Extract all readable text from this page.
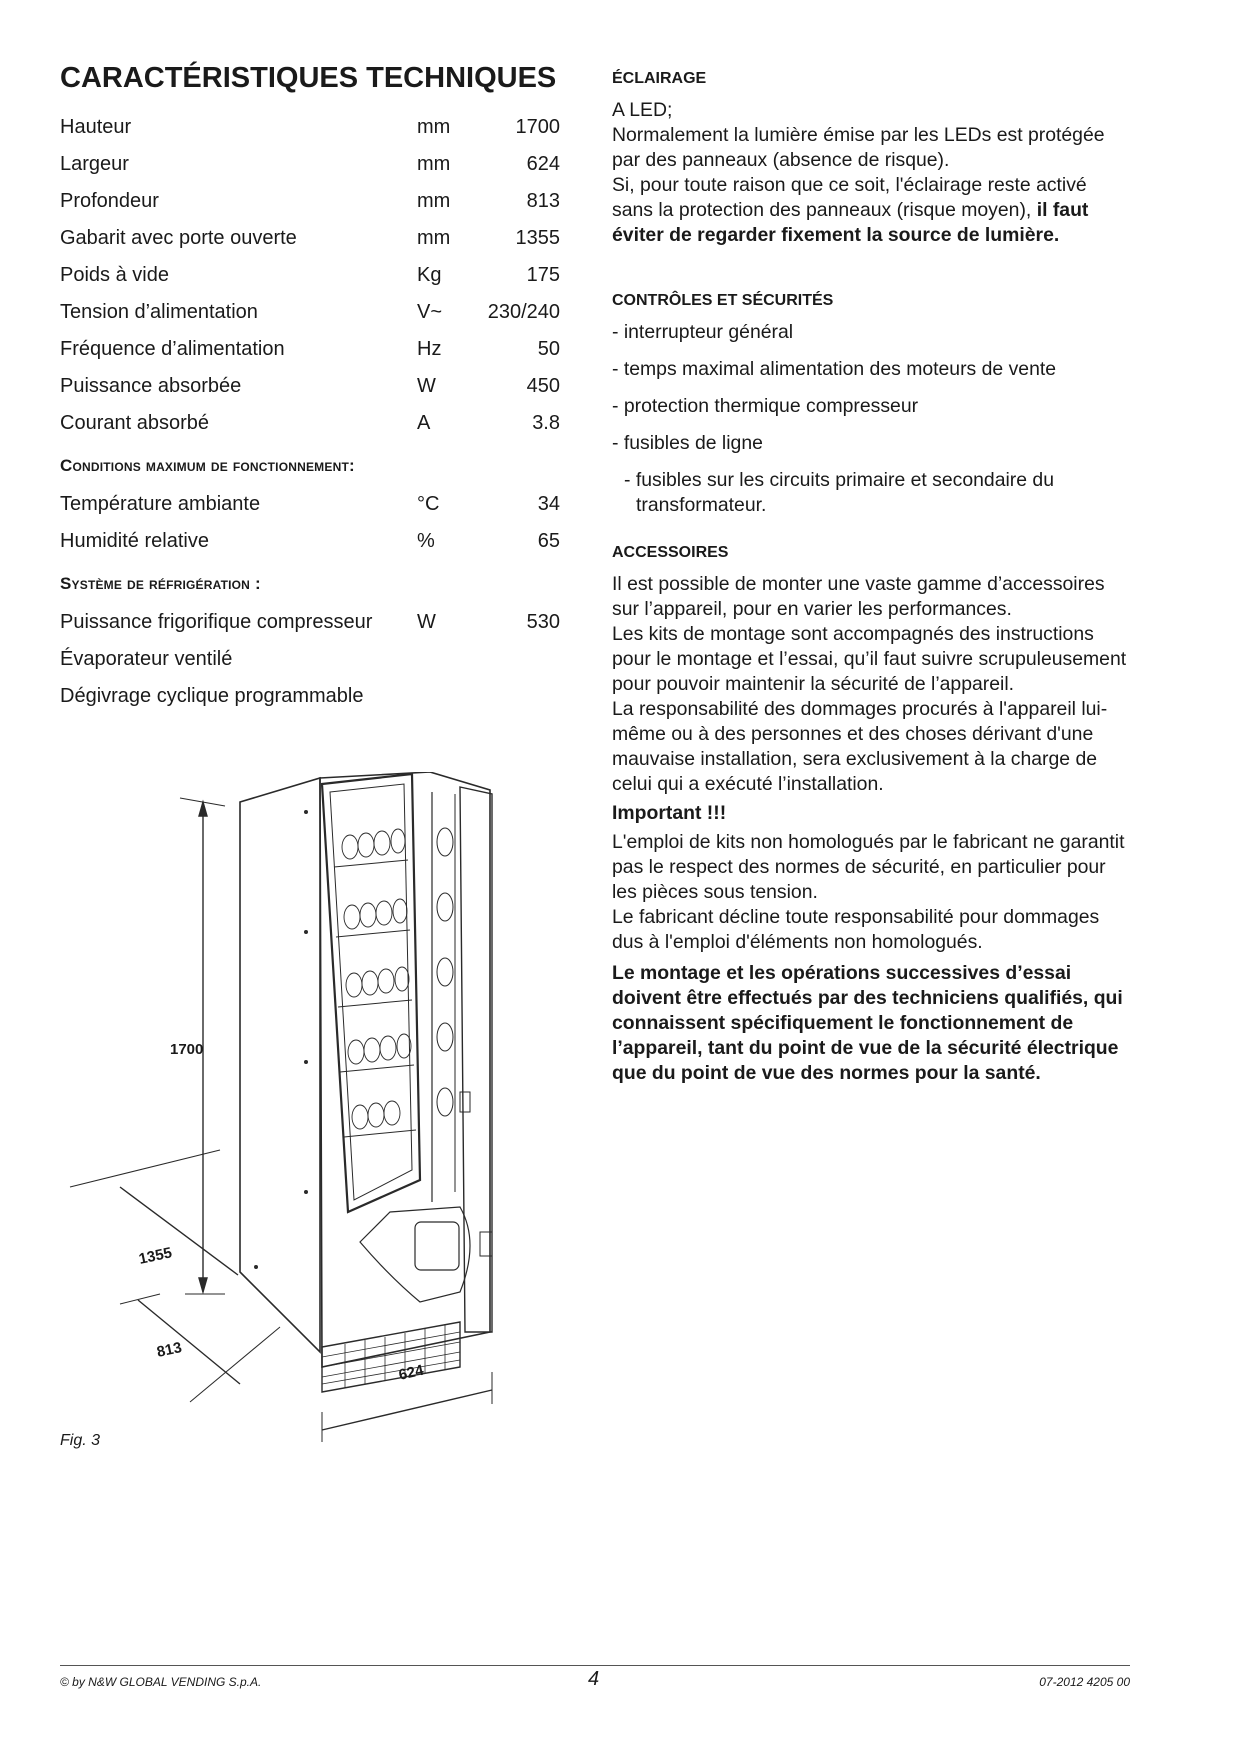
CARACTÉRISTIQUES TECHNIQUES
Hauteur	mm	1700
Largeur	mm	624
Profondeur	mm	813
Gabarit avec porte ouverte	mm	1355
Poids à vide	Kg	175
Tension d’alimentation	V~	230/240
Fréquence d’alimentation	Hz	50
Puissance absorbée	W	450
Courant absorbé	A	3.8
Conditions maximum de fonctionnement:
Température ambiante	°C	34
Humidité relative	%	65
Système de réfrigération :
Puissance frigorifique compresseur	W	530
Évaporateur ventilé
Dégivrage cyclique programmable
1700
1355
813
624
Fig. 3
ÉCLAIRAGE

A LED;

Normalement la lumière émise par les LEDs est protégée par des panneaux (absence de risque).

Si, pour toute raison que ce soit, l'éclairage reste activé sans la protection des panneaux (risque moyen), il faut éviter de regarder fixement la source de lumière.

CONTRÔLES ET SÉCURITÉS
- interrupteur général
- temps maximal alimentation des moteurs de vente
- protection thermique compresseur
- fusibles de ligne
- fusibles sur les circuits primaire et secondaire du transformateur.
ACCESSOIRES

Il est possible de monter une vaste gamme d’accessoires sur l’appareil, pour en varier les performances.

Les kits de montage sont accompagnés des instructions pour le montage et l’essai, qu’il faut suivre scrupuleusement pour pouvoir maintenir la sécurité de l’appareil.

La responsabilité des dommages procurés à l'appareil lui-même ou à des personnes et des choses dérivant d'une mauvaise installation, sera exclusivement à la charge de celui qui a exécuté l’installation.

Important !!!

L'emploi de kits non homologués par le fabricant ne garantit pas le respect des normes de sécurité, en particulier pour les pièces sous tension.

Le fabricant décline toute responsabilité pour dommages dus à l'emploi d'éléments non homologués.

Le montage et les opérations successives d’essai doivent être effectués par des techniciens qualifiés, qui connaissent spécifiquement le fonctionnement de l’appareil, tant du point de vue de la sécurité électrique que du point de vue des normes pour la santé.

© by N&W GLOBAL VENDING S.p.A.	4	07-2012 4205 00
